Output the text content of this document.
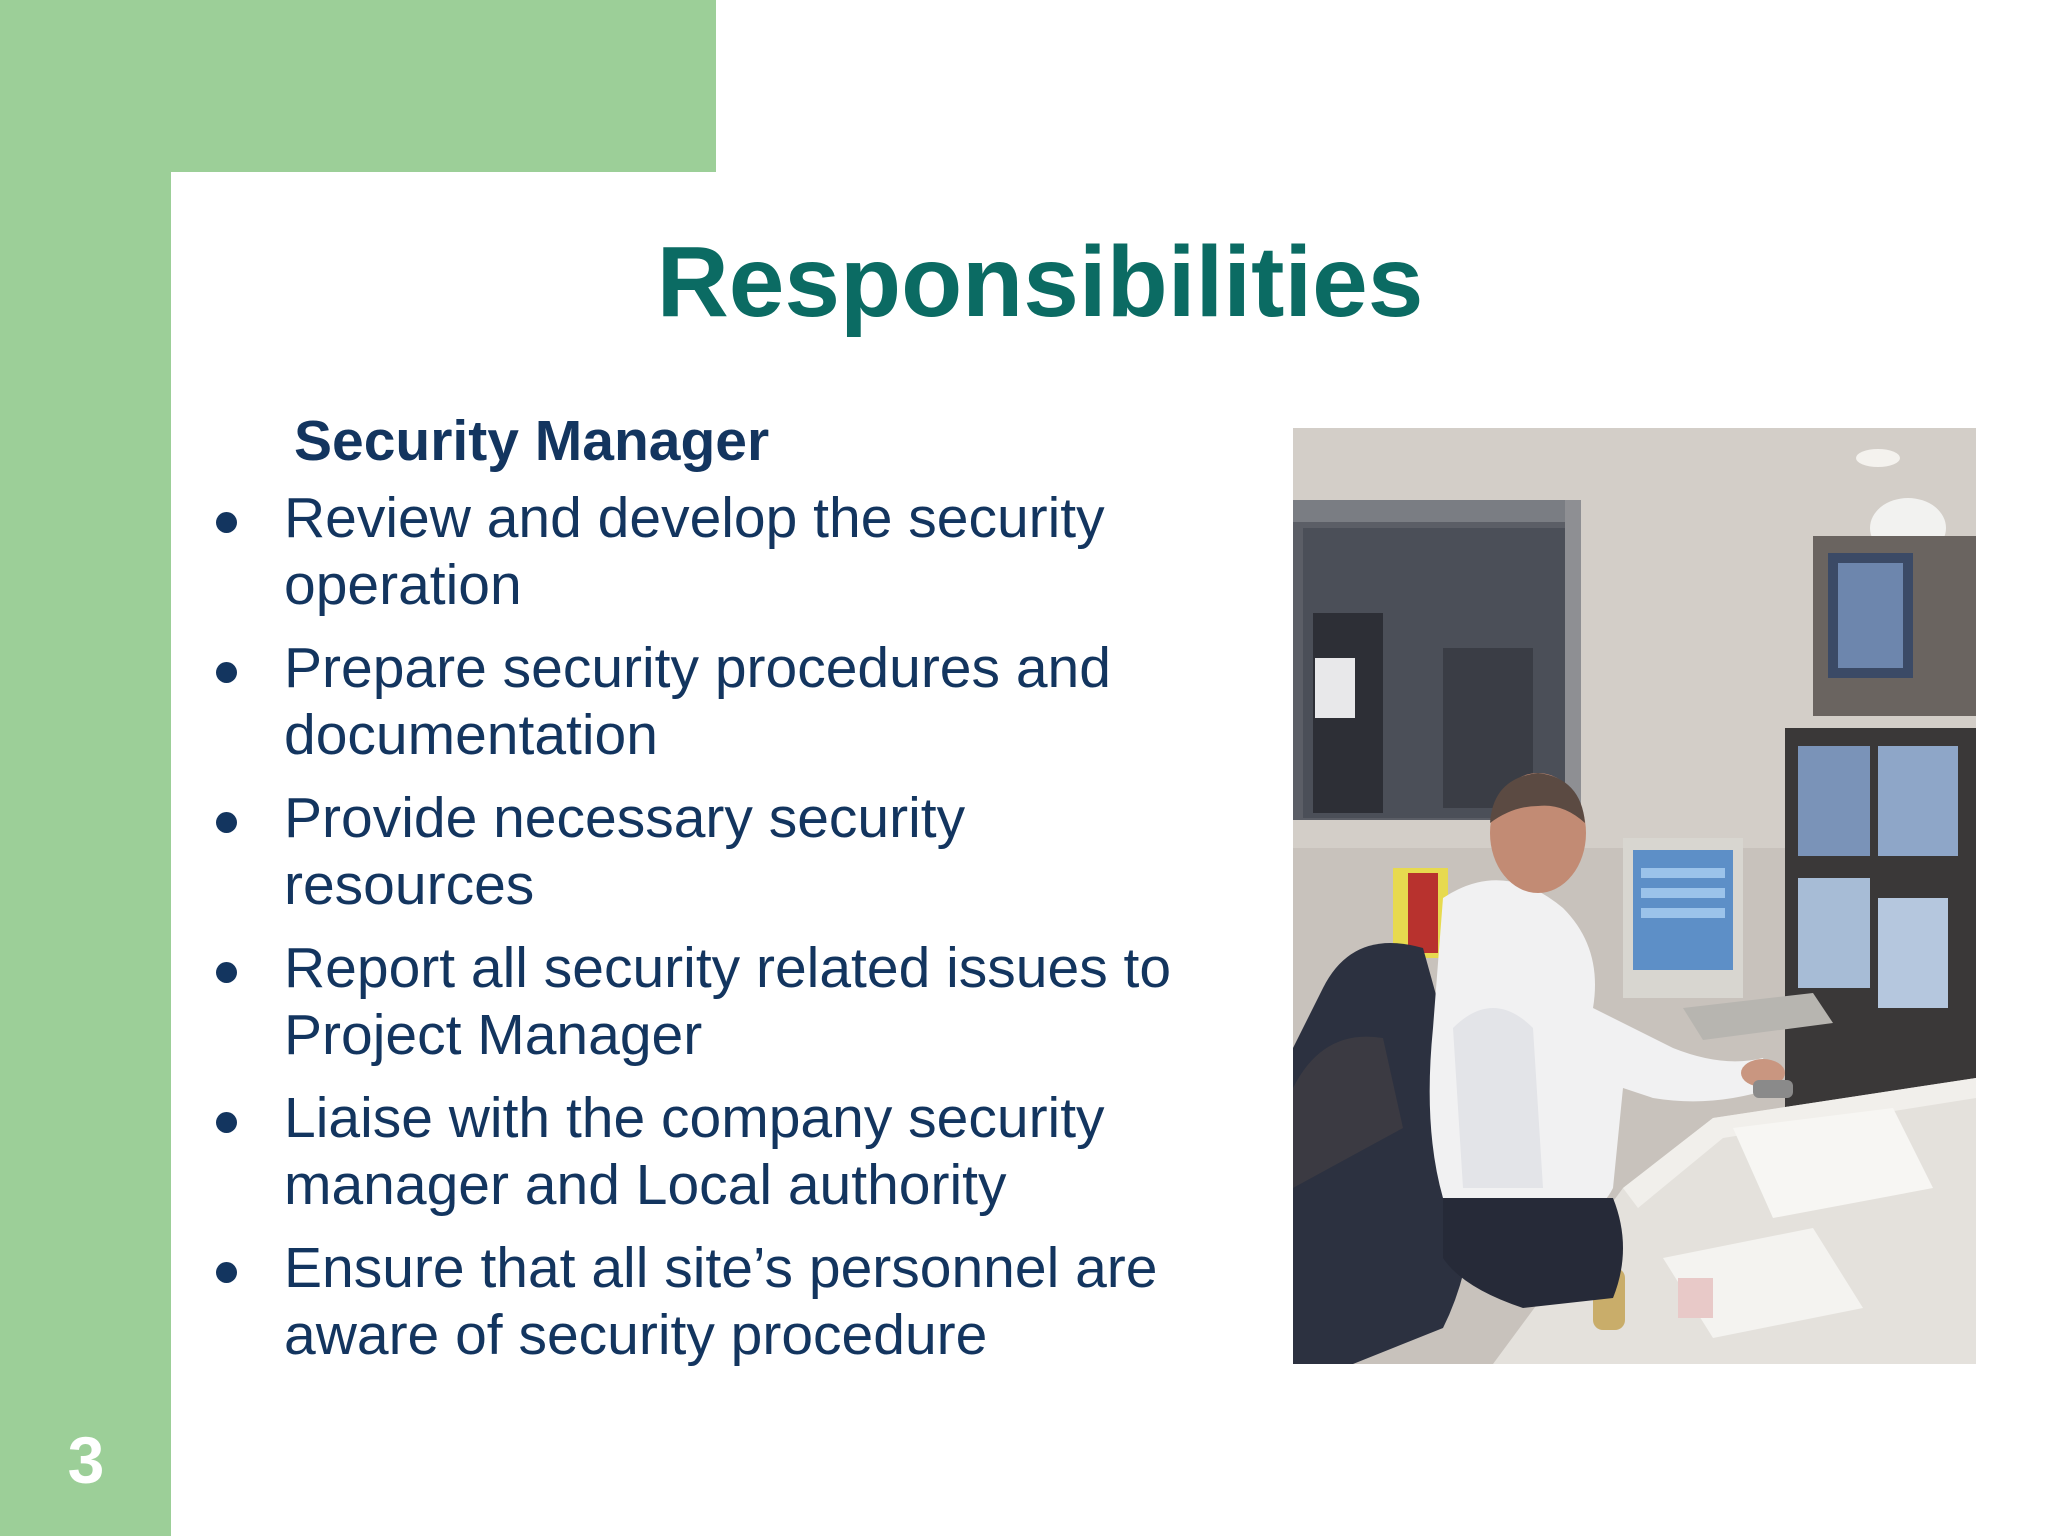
3
Responsibilities
Security Manager
Review and develop the security operation
Prepare security procedures and documentation
Provide necessary security resources
Report all security related issues to Project Manager
Liaise with the company security manager and Local authority
Ensure that all site’s personnel are aware of security procedure
